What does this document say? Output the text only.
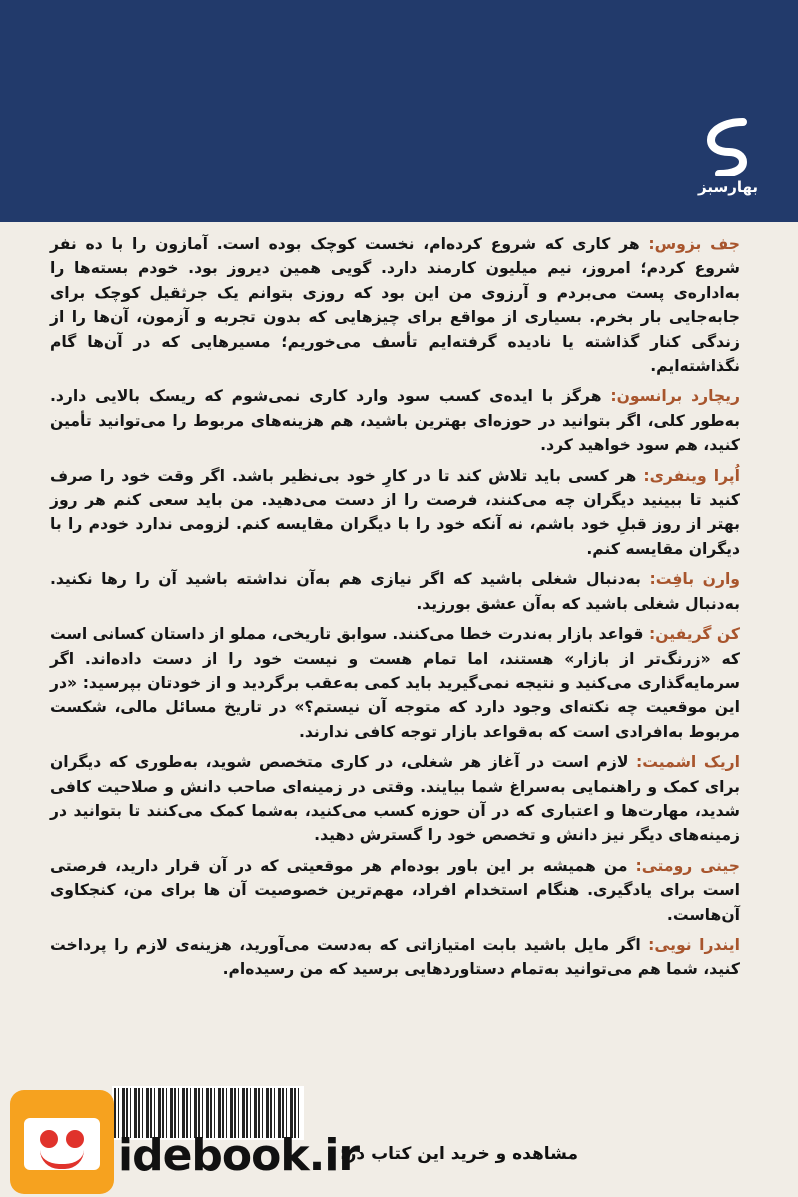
بهارسبز

جف بزوس: هر کاری که شروع کرده‌ام، نخست کوچک بوده است. آمازون را با ده نفر شروع کردم؛ امروز، نیم میلیون کارمند دارد. گویی همین دیروز بود. خودم بسته‌ها را به‌اداره‌ی پست می‌بردم و آرزوی من این بود که روزی بتوانم یک جرثقیل کوچک برای جابه‌جایی بار بخرم. بسیاری از مواقع برای چیزهایی که بدون تجربه و آزمون، آن‌ها را از زندگی کنار گذاشته یا نادیده گرفته‌ایم تأسف می‌خوریم؛ مسیرهایی که در آن‌ها گام نگذاشته‌ایم.

ریچارد برانسون: هرگز با ایده‌ی کسب سود وارد کاری نمی‌شوم که ریسک بالایی دارد. به‌طور کلی، اگر بتوانید در حوزه‌ای بهترین باشید، هم هزینه‌های مربوط را می‌توانید تأمین کنید، هم سود خواهید کرد.

اُپرا وینفری: هر کسی باید تلاش کند تا در کارِ خود بی‌نظیر باشد. اگر وقت خود را صرف کنید تا ببینید دیگران چه می‌کنند، فرصت را از دست می‌دهید. من باید سعی کنم هر روز بهتر از روز قبلِ خود باشم، نه آنکه خود را با دیگران مقایسه کنم. لزومی ندارد خودم را با دیگران مقایسه کنم.

وارن بافِت: به‌دنبال شغلی باشید که اگر نیازی هم به‌آن نداشته باشید آن را رها نکنید. به‌دنبال شغلی باشید که به‌آن عشق بورزید.

کن گریفین: قواعد بازار به‌ندرت خطا می‌کنند. سوابق تاریخی، مملو از داستان کسانی است که «زرنگ‌تر از بازار» هستند، اما تمام هست و نیست خود را از دست داده‌اند. اگر سرمایه‌گذاری می‌کنید و نتیجه نمی‌گیرید باید کمی به‌عقب برگردید و از خودتان بپرسید: «در این موقعیت چه نکته‌ای وجود دارد که متوجه آن نیستم؟» در تاریخ مسائل مالی، شکست مربوط به‌افرادی است که به‌قواعد بازار توجه کافی ندارند.

اریک اشمیت: لازم است در آغاز هر شغلی، در کاری متخصص شوید، به‌طوری که دیگران برای کمک و راهنمایی به‌سراغ شما بیایند. وقتی در زمینه‌ای صاحب دانش و صلاحیت کافی شدید، مهارت‌ها و اعتباری که در آن حوزه کسب می‌کنید، به‌شما کمک می‌کنند تا بتوانید در زمینه‌های دیگر نیز دانش و تخصص خود را گسترش دهید.

جینی رومتی: من همیشه بر این باور بوده‌ام هر موقعیتی که در آن قرار دارید، فرصتی است برای یادگیری. هنگام استخدام افراد، مهم‌ترین خصوصیت آن ها برای من، کنجکاوی آن‌هاست.

ایندرا نویی: اگر مایل باشید بابت امتیازاتی که به‌دست می‌آورید، هزینه‌ی لازم را پرداخت کنید، شما هم می‌توانید به‌تمام دستاوردهایی برسید که من رسیده‌ام.

idebook.ir
مشاهده و خرید این کتاب در:
